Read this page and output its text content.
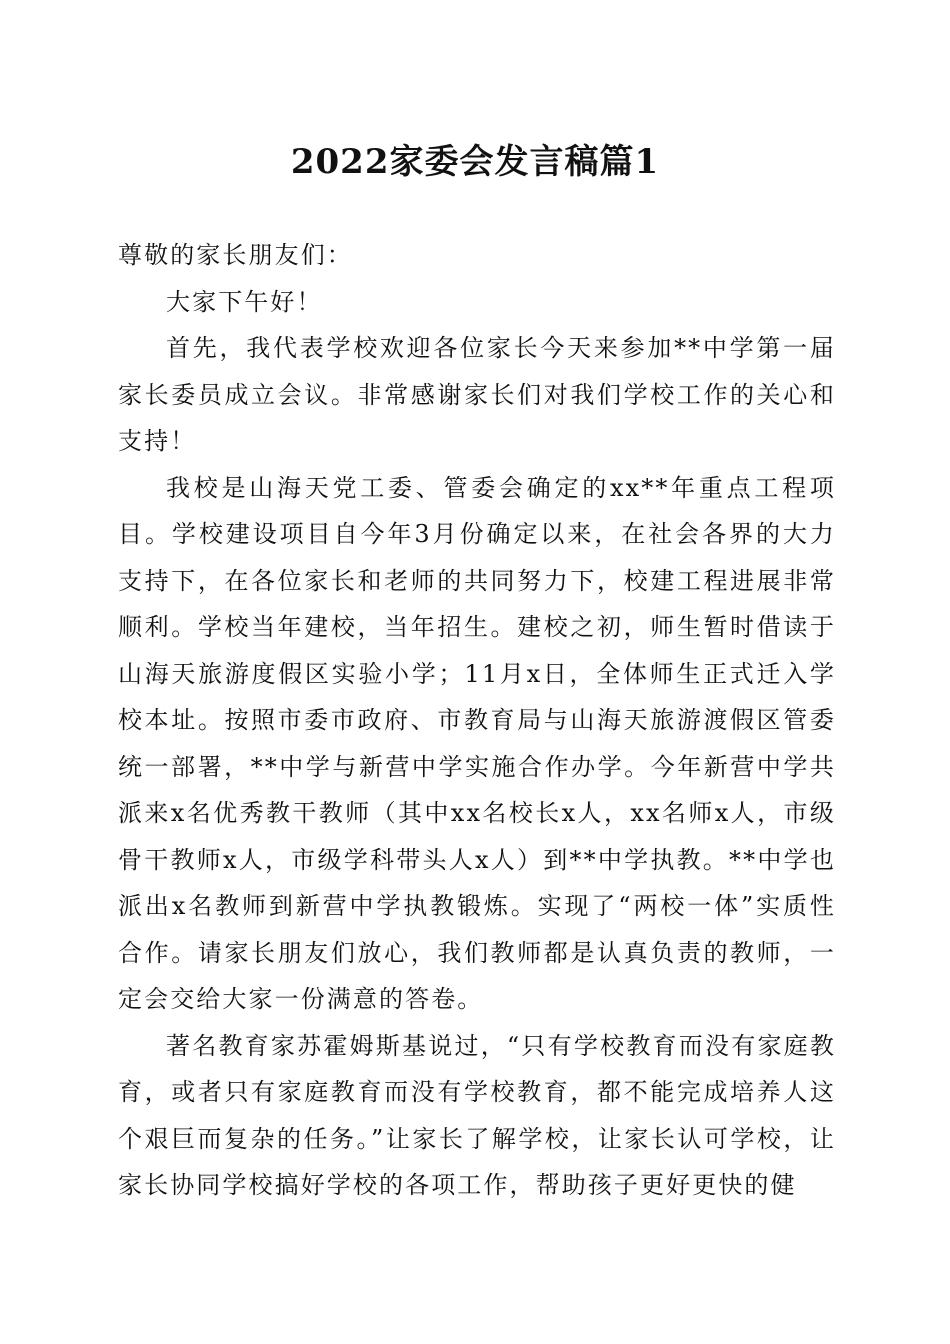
2022家委会发言稿篇1

尊敬的家长朋友们：

大家下午好！

首先，我代表学校欢迎各位家长今天来参加**中学第一届家长委员成立会议。非常感谢家长们对我们学校工作的关心和支持！

我校是山海天党工委、管委会确定的xx**年重点工程项目。学校建设项目自今年3月份确定以来，在社会各界的大力支持下，在各位家长和老师的共同努力下，校建工程进展非常顺利。学校当年建校，当年招生。建校之初，师生暂时借读于山海天旅游度假区实验小学；11月x日，全体师生正式迁入学校本址。按照市委市政府、市教育局与山海天旅游渡假区管委统一部署，**中学与新营中学实施合作办学。今年新营中学共派来x名优秀教干教师（其中xx名校长x人，xx名师x人，市级骨干教师x人，市级学科带头人x人）到**中学执教。**中学也派出x名教师到新营中学执教锻炼。实现了“两校一体”实质性合作。请家长朋友们放心，我们教师都是认真负责的教师，一定会交给大家一份满意的答卷。

著名教育家苏霍姆斯基说过，“只有学校教育而没有家庭教育，或者只有家庭教育而没有学校教育，都不能完成培养人这个艰巨而复杂的任务。”让家长了解学校，让家长认可学校，让家长协同学校搞好学校的各项工作，帮助孩子更好更快的健
